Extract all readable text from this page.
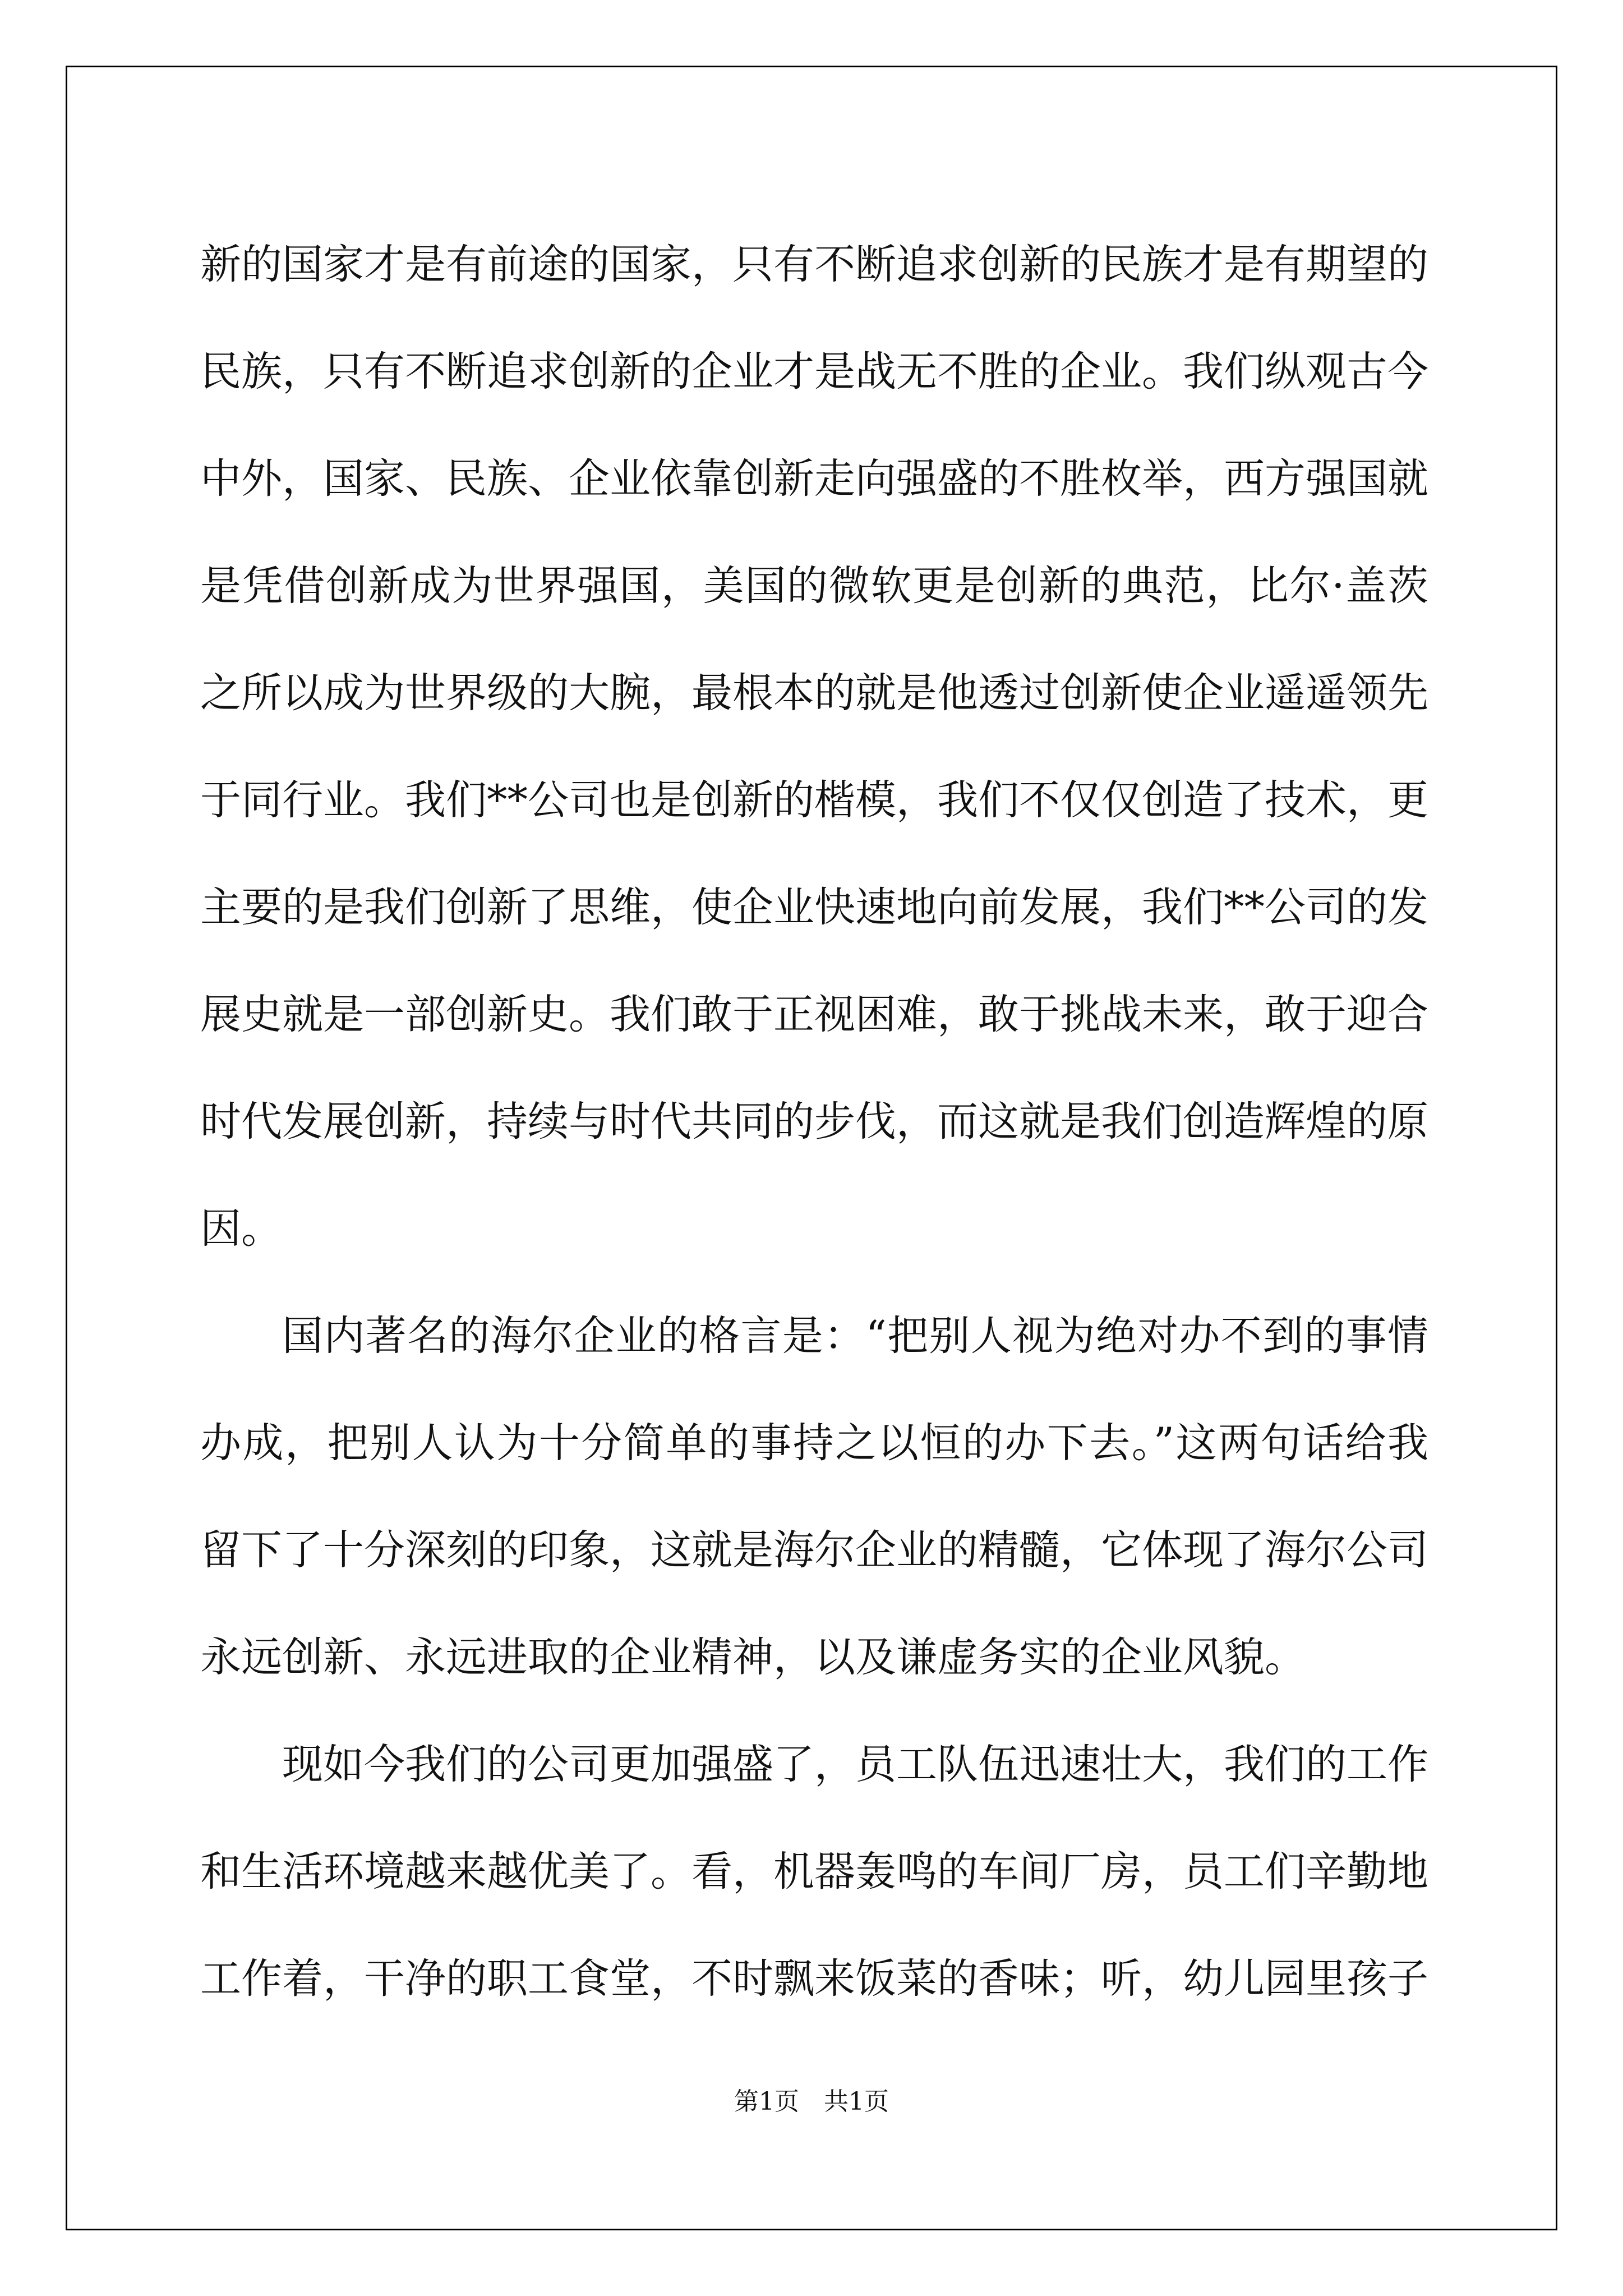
新的国家才是有前途的国家，只有不断追求创新的民族才是有期望的
民族，只有不断追求创新的企业才是战无不胜的企业。我们纵观古今
中外，国家、民族、企业依靠创新走向强盛的不胜枚举，西方强国就
是凭借创新成为世界强国，美国的微软更是创新的典范，比尔·盖茨
之所以成为世界级的大腕，最根本的就是他透过创新使企业遥遥领先
于同行业。我们**公司也是创新的楷模，我们不仅仅创造了技术，更
主要的是我们创新了思维，使企业快速地向前发展，我们**公司的发
展史就是一部创新史。我们敢于正视困难，敢于挑战未来，敢于迎合
时代发展创新，持续与时代共同的步伐，而这就是我们创造辉煌的原
因。
国内著名的海尔企业的格言是：“把别人视为绝对办不到的事情
办成，把别人认为十分简单的事持之以恒的办下去。”这两句话给我
留下了十分深刻的印象，这就是海尔企业的精髓，它体现了海尔公司
永远创新、永远进取的企业精神，以及谦虚务实的企业风貌。
现如今我们的公司更加强盛了，员工队伍迅速壮大，我们的工作
和生活环境越来越优美了。看，机器轰鸣的车间厂房，员工们辛勤地
工作着，干净的职工食堂，不时飘来饭菜的香味；听，幼儿园里孩子
第1页　共1页
